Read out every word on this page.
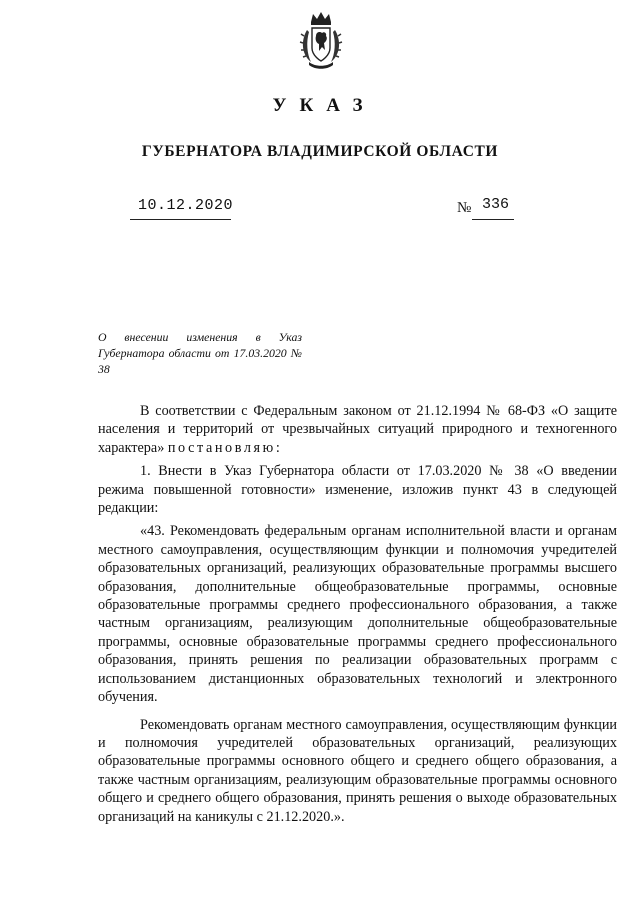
УКАЗ
ГУБЕРНАТОРА ВЛАДИМИРСКОЙ ОБЛАСТИ
10.12.2020	№ 336
О внесении изменения в Указ Губернатора области от 17.03.2020 № 38

В соответствии с Федеральным законом от 21.12.1994 № 68-ФЗ «О защите населения и территорий от чрезвычайных ситуаций природного и техногенного характера» постановляю:

1. Внести в Указ Губернатора области от 17.03.2020 № 38 «О введении режима повышенной готовности» изменение, изложив пункт 43 в следующей редакции:

«43. Рекомендовать федеральным органам исполнительной власти и органам местного самоуправления, осуществляющим функции и полномочия учредителей образовательных организаций, реализующих образовательные программы высшего образования, дополнительные общеобразовательные программы, основные образовательные программы среднего профессионального образования, а также частным организациям, реализующим дополнительные общеобразовательные программы, основные образовательные программы среднего профессионального образования, принять решения по реализации образовательных программ с использованием дистанционных образовательных технологий и электронного обучения.

Рекомендовать органам местного самоуправления, осуществляющим функции и полномочия учредителей образовательных организаций, реализующих образовательные программы основного общего и среднего общего образования, а также частным организациям, реализующим образовательные программы основного общего и среднего общего образования, принять решения о выходе образовательных организаций на каникулы с 21.12.2020.».
